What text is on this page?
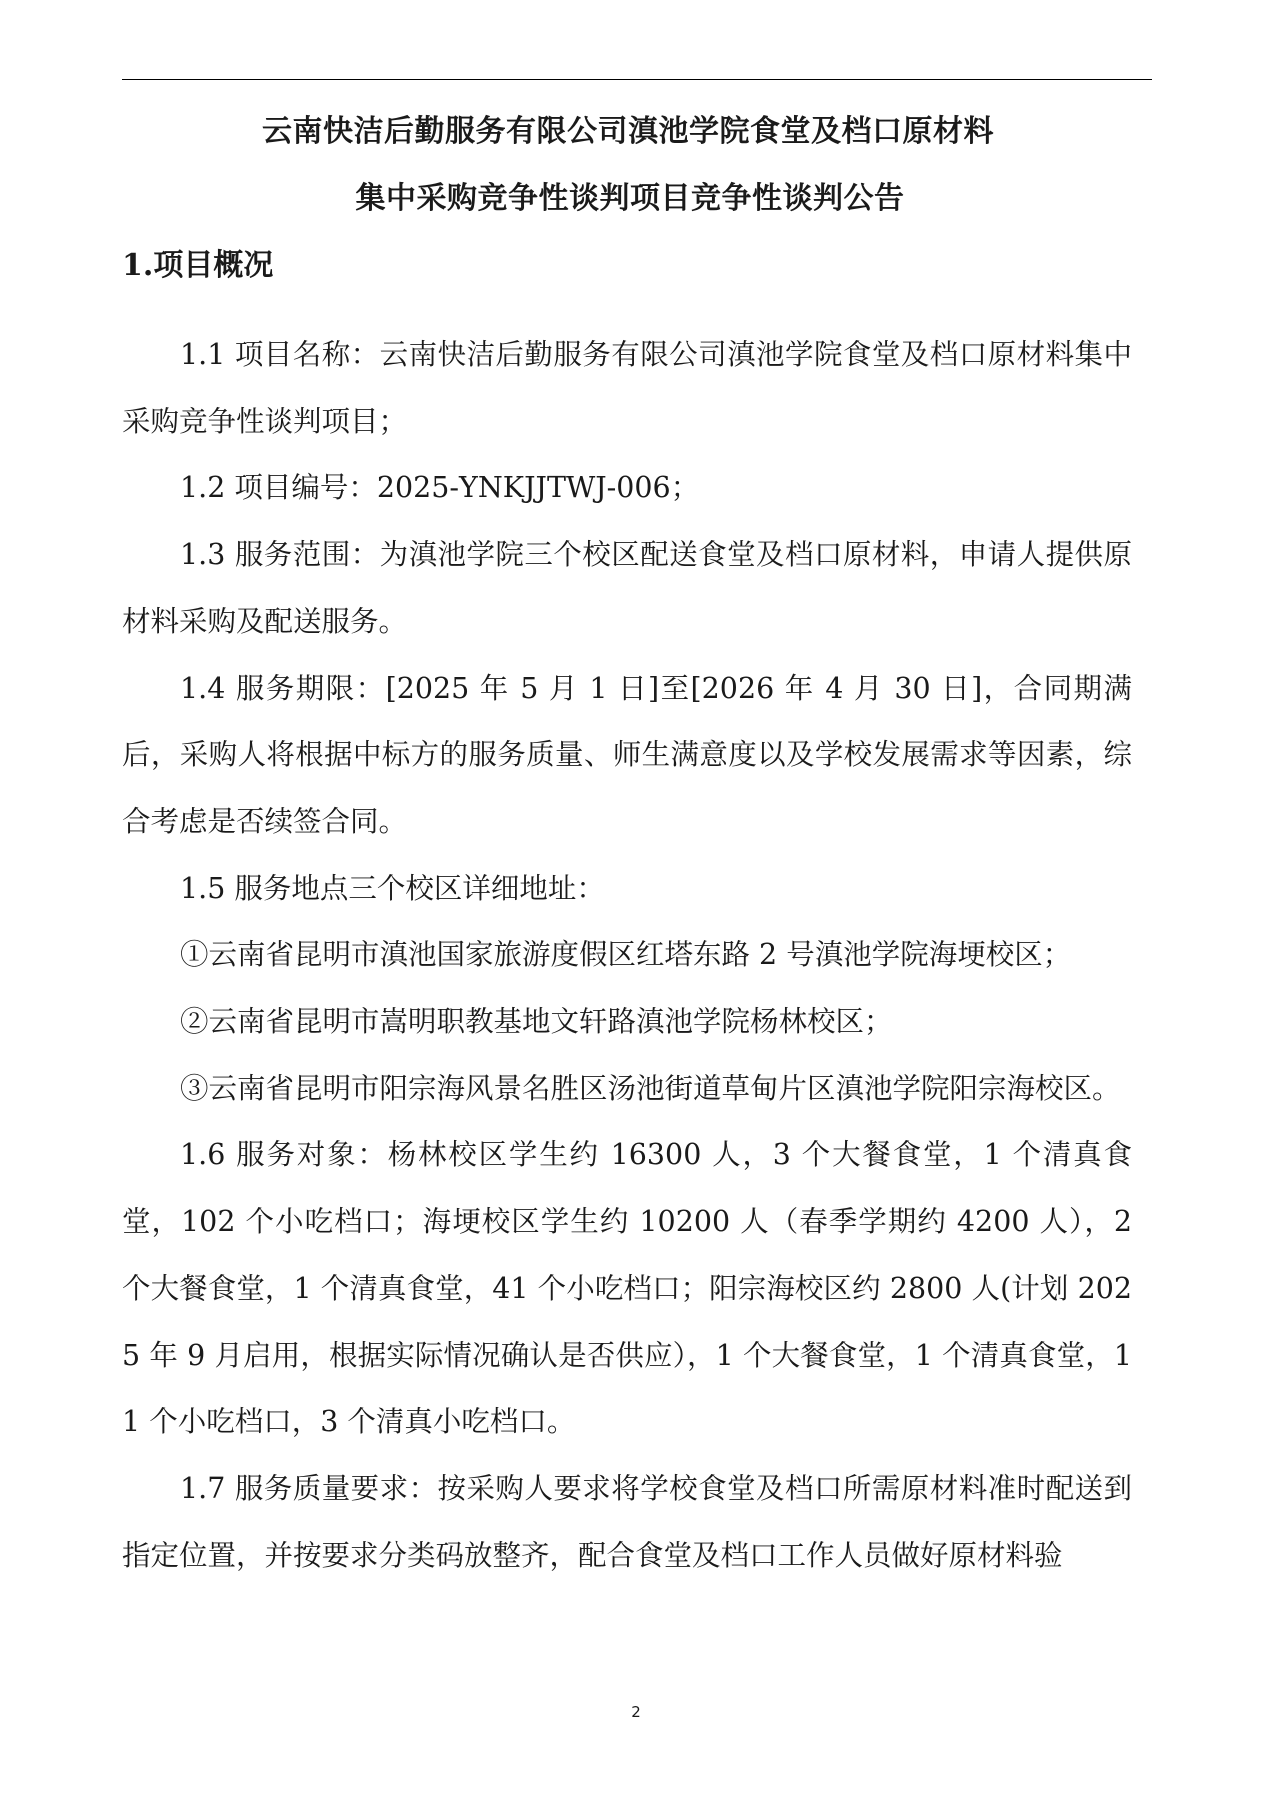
云南快洁后勤服务有限公司滇池学院食堂及档口原材料
集中采购竞争性谈判项目竞争性谈判公告
1.项目概况

1.1 项目名称：云南快洁后勤服务有限公司滇池学院食堂及档口原材料集中采购竞争性谈判项目；

1.2 项目编号：2025-YNKJJTWJ-006；

1.3 服务范围：为滇池学院三个校区配送食堂及档口原材料，申请人提供原材料采购及配送服务。

1.4 服务期限：[2025 年 5 月 1 日]至[2026 年 4 月 30 日]，合同期满后，采购人将根据中标方的服务质量、师生满意度以及学校发展需求等因素，综合考虑是否续签合同。

1.5 服务地点三个校区详细地址：

①云南省昆明市滇池国家旅游度假区红塔东路 2 号滇池学院海埂校区；

②云南省昆明市嵩明职教基地文轩路滇池学院杨林校区；

③云南省昆明市阳宗海风景名胜区汤池街道草甸片区滇池学院阳宗海校区。

1.6 服务对象：杨林校区学生约 16300 人，3 个大餐食堂，1 个清真食堂，102 个小吃档口；海埂校区学生约 10200 人（春季学期约 4200 人），2 个大餐食堂，1 个清真食堂，41 个小吃档口；阳宗海校区约 2800 人(计划 2025 年 9 月启用，根据实际情况确认是否供应），1 个大餐食堂，1 个清真食堂，11 个小吃档口，3 个清真小吃档口。

1.7 服务质量要求：按采购人要求将学校食堂及档口所需原材料准时配送到指定位置，并按要求分类码放整齐，配合食堂及档口工作人员做好原材料验

2
